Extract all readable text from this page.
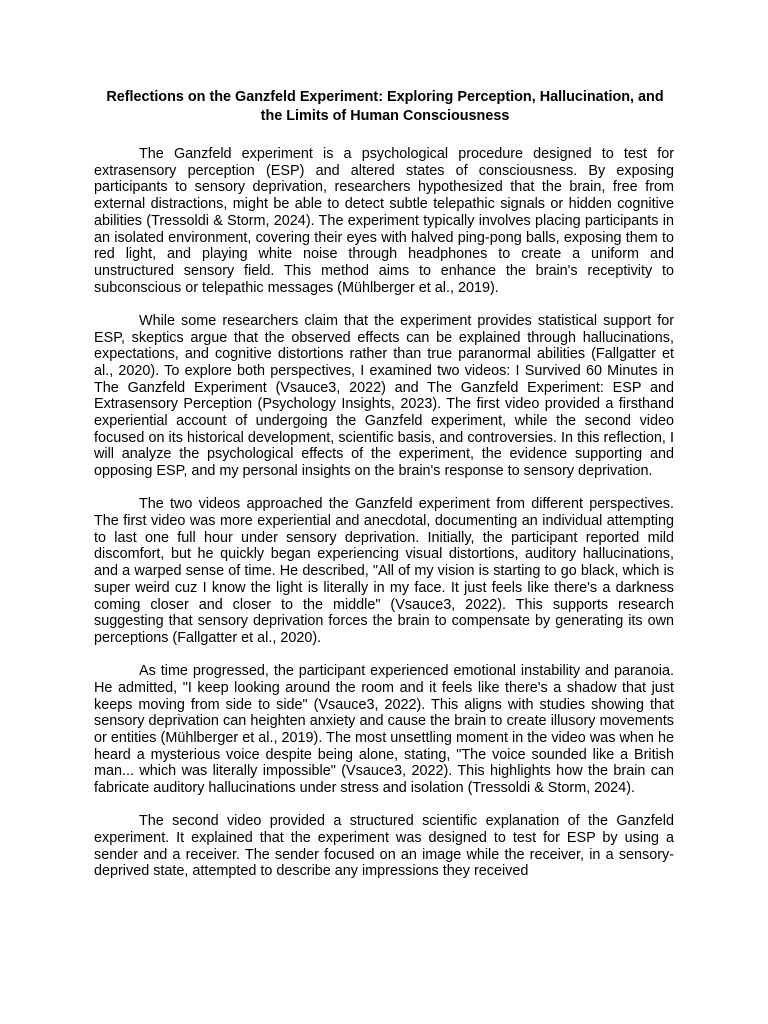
Reflections on the Ganzfeld Experiment: Exploring Perception, Hallucination, and the Limits of Human Consciousness

The Ganzfeld experiment is a psychological procedure designed to test for extrasensory perception (ESP) and altered states of consciousness. By exposing participants to sensory deprivation, researchers hypothesized that the brain, free from external distractions, might be able to detect subtle telepathic signals or hidden cognitive abilities (Tressoldi & Storm, 2024). The experiment typically involves placing participants in an isolated environment, covering their eyes with halved ping-pong balls, exposing them to red light, and playing white noise through headphones to create a uniform and unstructured sensory field. This method aims to enhance the brain's receptivity to subconscious or telepathic messages (Mühlberger et al., 2019).

While some researchers claim that the experiment provides statistical support for ESP, skeptics argue that the observed effects can be explained through hallucinations, expectations, and cognitive distortions rather than true paranormal abilities (Fallgatter et al., 2020). To explore both perspectives, I examined two videos: I Survived 60 Minutes in The Ganzfeld Experiment (Vsauce3, 2022) and The Ganzfeld Experiment: ESP and Extrasensory Perception (Psychology Insights, 2023). The first video provided a firsthand experiential account of undergoing the Ganzfeld experiment, while the second video focused on its historical development, scientific basis, and controversies. In this reflection, I will analyze the psychological effects of the experiment, the evidence supporting and opposing ESP, and my personal insights on the brain's response to sensory deprivation.

The two videos approached the Ganzfeld experiment from different perspectives. The first video was more experiential and anecdotal, documenting an individual attempting to last one full hour under sensory deprivation. Initially, the participant reported mild discomfort, but he quickly began experiencing visual distortions, auditory hallucinations, and a warped sense of time. He described, "All of my vision is starting to go black, which is super weird cuz I know the light is literally in my face. It just feels like there's a darkness coming closer and closer to the middle" (Vsauce3, 2022). This supports research suggesting that sensory deprivation forces the brain to compensate by generating its own perceptions (Fallgatter et al., 2020).

As time progressed, the participant experienced emotional instability and paranoia. He admitted, "I keep looking around the room and it feels like there's a shadow that just keeps moving from side to side" (Vsauce3, 2022). This aligns with studies showing that sensory deprivation can heighten anxiety and cause the brain to create illusory movements or entities (Mühlberger et al., 2019). The most unsettling moment in the video was when he heard a mysterious voice despite being alone, stating, "The voice sounded like a British man... which was literally impossible" (Vsauce3, 2022). This highlights how the brain can fabricate auditory hallucinations under stress and isolation (Tressoldi & Storm, 2024).

The second video provided a structured scientific explanation of the Ganzfeld experiment. It explained that the experiment was designed to test for ESP by using a sender and a receiver. The sender focused on an image while the receiver, in a sensory-deprived state, attempted to describe any impressions they received
